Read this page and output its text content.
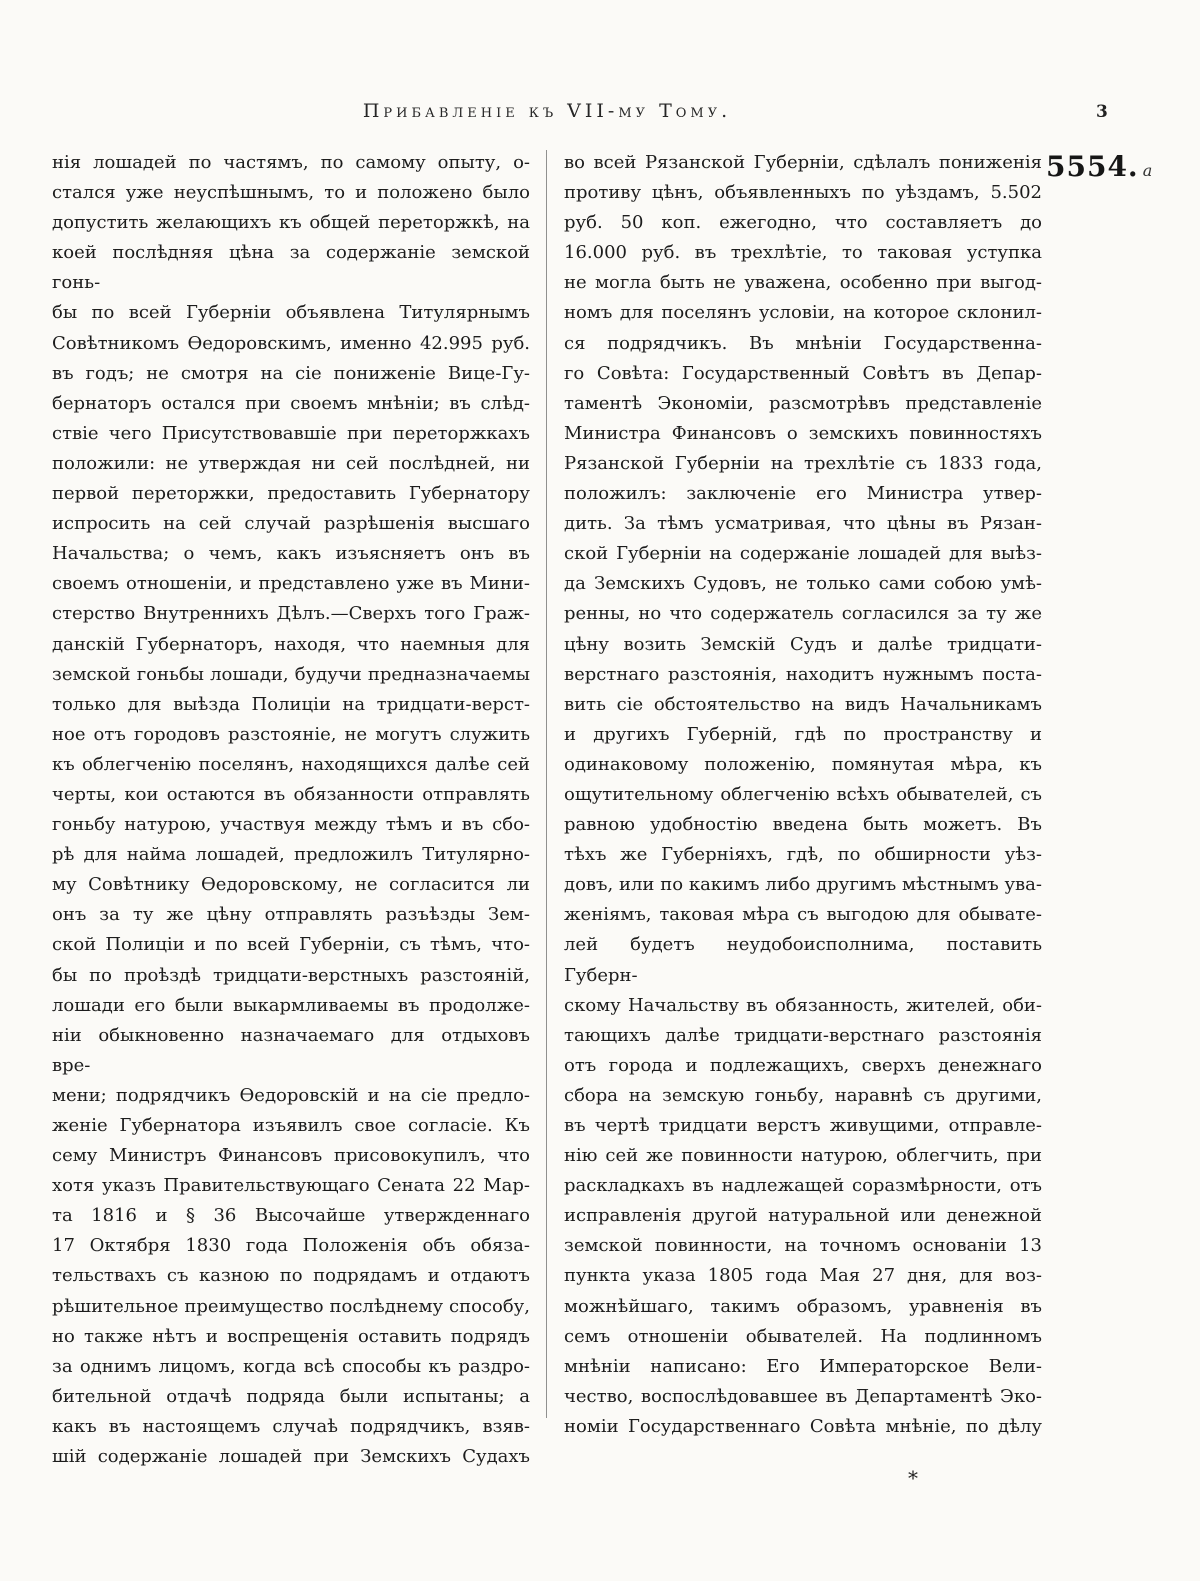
Прибавленіе къ VII-му Тому.	3
5554. a
нія лошадей по частямъ, по самому опыту, о-
стался уже неуспѣшнымъ, то и положено было
допустить желающихъ къ общей переторжкѣ, на
коей послѣдняя цѣна за содержаніе земской гонь-
бы по всей Губерніи объявлена Титулярнымъ
Совѣтникомъ Ѳедоровскимъ, именно 42.995 руб.
въ годъ; не смотря на сіе пониженіе Вице-Гу-
бернаторъ остался при своемъ мнѣніи; въ слѣд-
ствіе чего Присутствовавшіе при переторжкахъ
положили: не утверждая ни сей послѣдней, ни
первой переторжки, предоставить Губернатору
испросить на сей случай разрѣшенія высшаго
Начальства; о чемъ, какъ изъясняетъ онъ въ
своемъ отношеніи, и представлено уже въ Мини-
стерство Внутреннихъ Дѣлъ.—Сверхъ того Граж-
данскій Губернаторъ, находя, что наемныя для
земской гоньбы лошади, будучи предназначаемы
только для выѣзда Полиціи на тридцати-верст-
ное отъ городовъ разстояніе, не могутъ служить
къ облегченію поселянъ, находящихся далѣе сей
черты, кои остаются въ обязанности отправлять
гоньбу натурою, участвуя между тѣмъ и въ сбо-
рѣ для найма лошадей, предложилъ Титулярно-
му Совѣтнику Ѳедоровскому, не согласится ли
онъ за ту же цѣну отправлять разъѣзды Зем-
ской Полиціи и по всей Губерніи, съ тѣмъ, что-
бы по проѣздѣ тридцати-верстныхъ разстояній,
лошади его были выкармливаемы въ продолже-
ніи обыкновенно назначаемаго для отдыховъ вре-
мени; подрядчикъ Ѳедоровскій и на сіе предло-
женіе Губернатора изъявилъ свое согласіе. Къ
сему Министръ Финансовъ присовокупилъ, что
хотя указъ Правительствующаго Сената 22 Мар-
та 1816 и § 36 Высочайше утвержденнаго
17 Октября 1830 года Положенія объ обяза-
тельствахъ съ казною по подрядамъ и отдаютъ
рѣшительное преимущество послѣднему способу,
но также нѣтъ и воспрещенія оставить подрядъ
за однимъ лицомъ, когда всѣ способы къ раздро-
бительной отдачѣ подряда были испытаны; а
какъ въ настоящемъ случаѣ подрядчикъ, взяв-
шій содержаніе лошадей при Земскихъ Судахъ
во всей Рязанской Губерніи, сдѣлалъ пониженія
противу цѣнъ, объявленныхъ по уѣздамъ, 5.502
руб. 50 коп. ежегодно, что составляетъ до
16.000 руб. въ трехлѣтіе, то таковая уступка
не могла быть не уважена, особенно при выгод-
номъ для поселянъ условіи, на которое склонил-
ся подрядчикъ. Въ мнѣніи Государственна-
го Совѣта: Государственный Совѣтъ въ Депар-
таментѣ Экономіи, разсмотрѣвъ представленіе
Министра Финансовъ о земскихъ повинностяхъ
Рязанской Губерніи на трехлѣтіе съ 1833 года,
положилъ: заключеніе его Министра утвер-
дить. За тѣмъ усматривая, что цѣны въ Рязан-
ской Губерніи на содержаніе лошадей для выѣз-
да Земскихъ Судовъ, не только сами собою умѣ-
ренны, но что содержатель согласился за ту же
цѣну возить Земскій Судъ и далѣе тридцати-
верстнаго разстоянія, находитъ нужнымъ поста-
вить сіе обстоятельство на видъ Начальникамъ
и другихъ Губерній, гдѣ по пространству и
одинаковому положенію, помянутая мѣра, къ
ощутительному облегченію всѣхъ обывателей, съ
равною удобностію введена быть можетъ. Въ
тѣхъ же Губерніяхъ, гдѣ, по обширности уѣз-
довъ, или по какимъ либо другимъ мѣстнымъ ува-
женіямъ, таковая мѣра съ выгодою для обывате-
лей будетъ неудобоисполнима, поставить Губерн-
скому Начальству въ обязанность, жителей, оби-
тающихъ далѣе тридцати-верстнаго разстоянія
отъ города и подлежащихъ, сверхъ денежнаго
сбора на земскую гоньбу, наравнѣ съ другими,
въ чертѣ тридцати верстъ живущими, отправле-
нію сей же повинности натурою, облегчить, при
раскладкахъ въ надлежащей соразмѣрности, отъ
исправленія другой натуральной или денежной
земской повинности, на точномъ основаніи 13
пункта указа 1805 года Мая 27 дня, для воз-
можнѣйшаго, такимъ образомъ, уравненія въ
семъ отношеніи обывателей. На подлинномъ
мнѣніи написано: Его Императорское Вели-
чество, воспослѣдовавшее въ Департаментѣ Эко-
номіи Государственнаго Совѣта мнѣніе, по дѣлу
*
